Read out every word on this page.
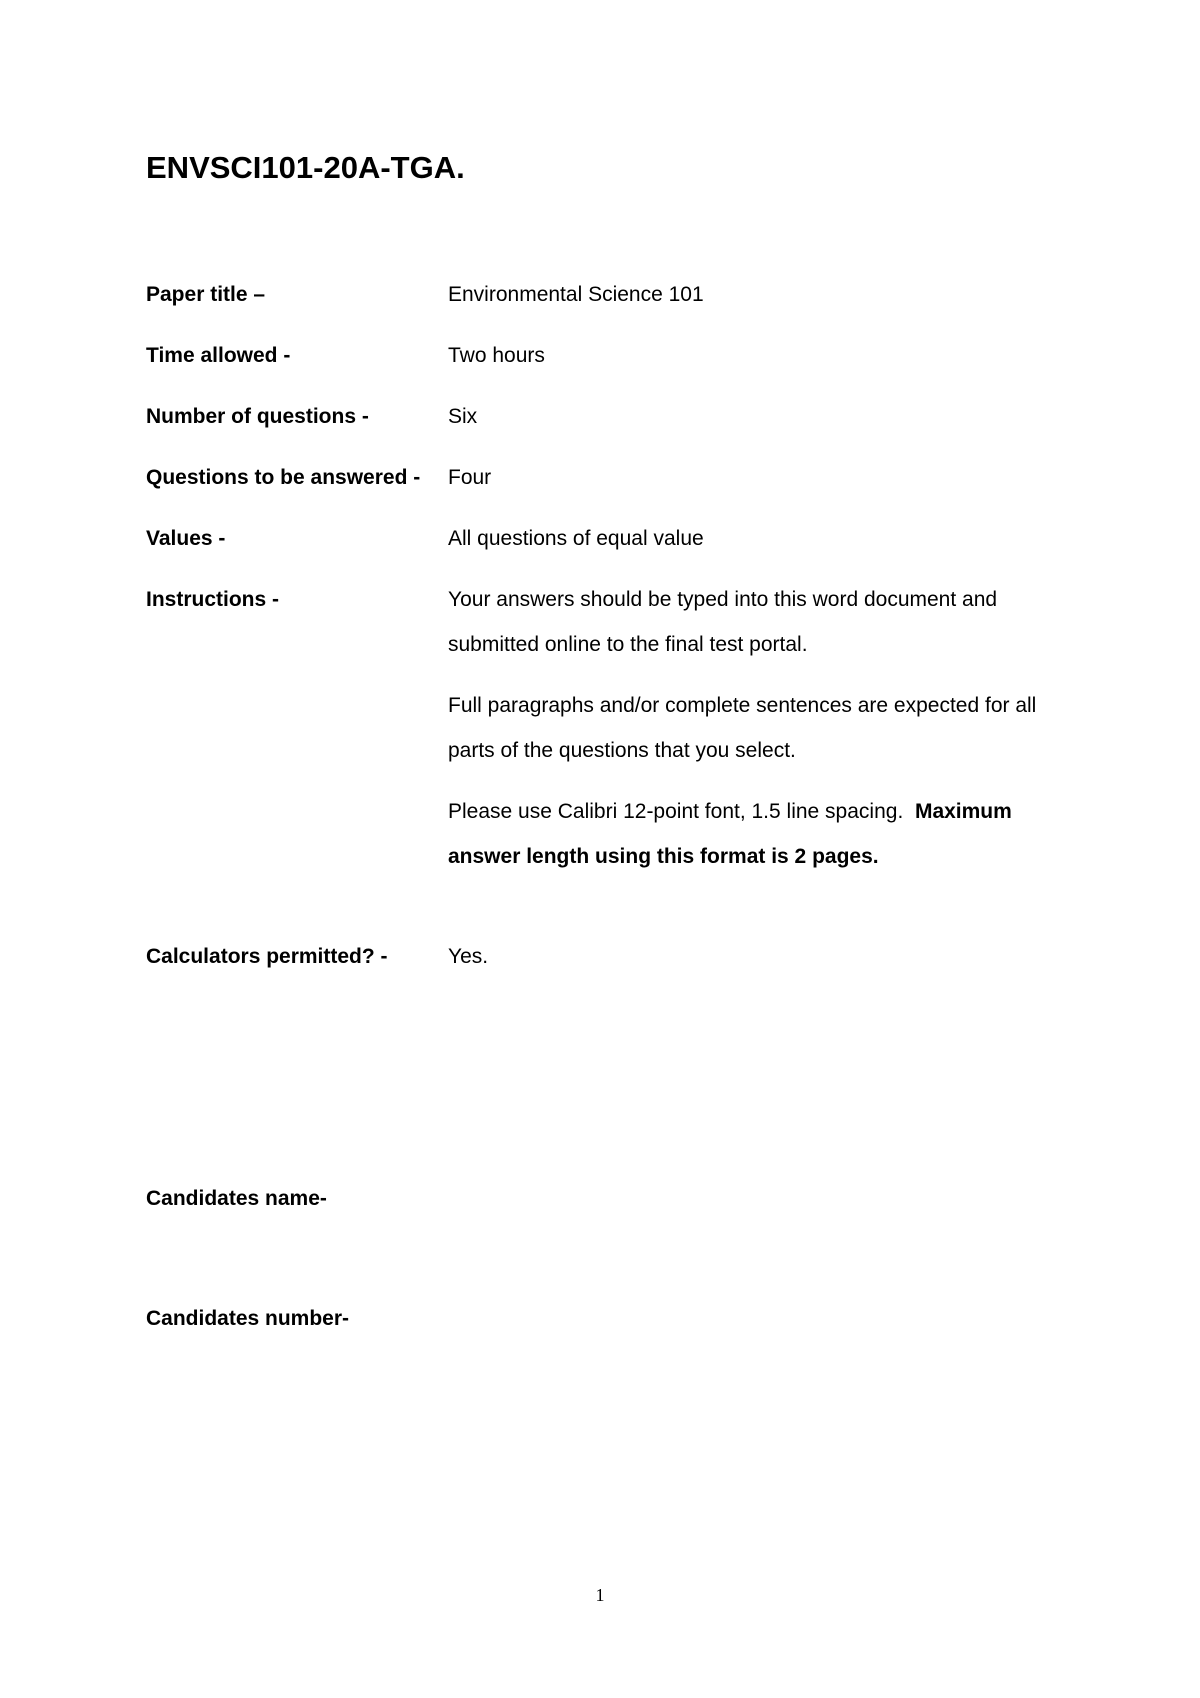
ENVSCI101-20A-TGA.
Paper title –	Environmental Science 101
Time allowed -	Two hours
Number of questions -	Six
Questions to be answered - Four
Values -	All questions of equal value
Instructions -	Your answers should be typed into this word document and submitted online to the final test portal.
Full paragraphs and/or complete sentences are expected for all parts of the questions that you select.
Please use Calibri 12-point font, 1.5 line spacing. Maximum answer length using this format is 2 pages.
Calculators permitted? -	Yes.
Candidates name-
Candidates number-
1
